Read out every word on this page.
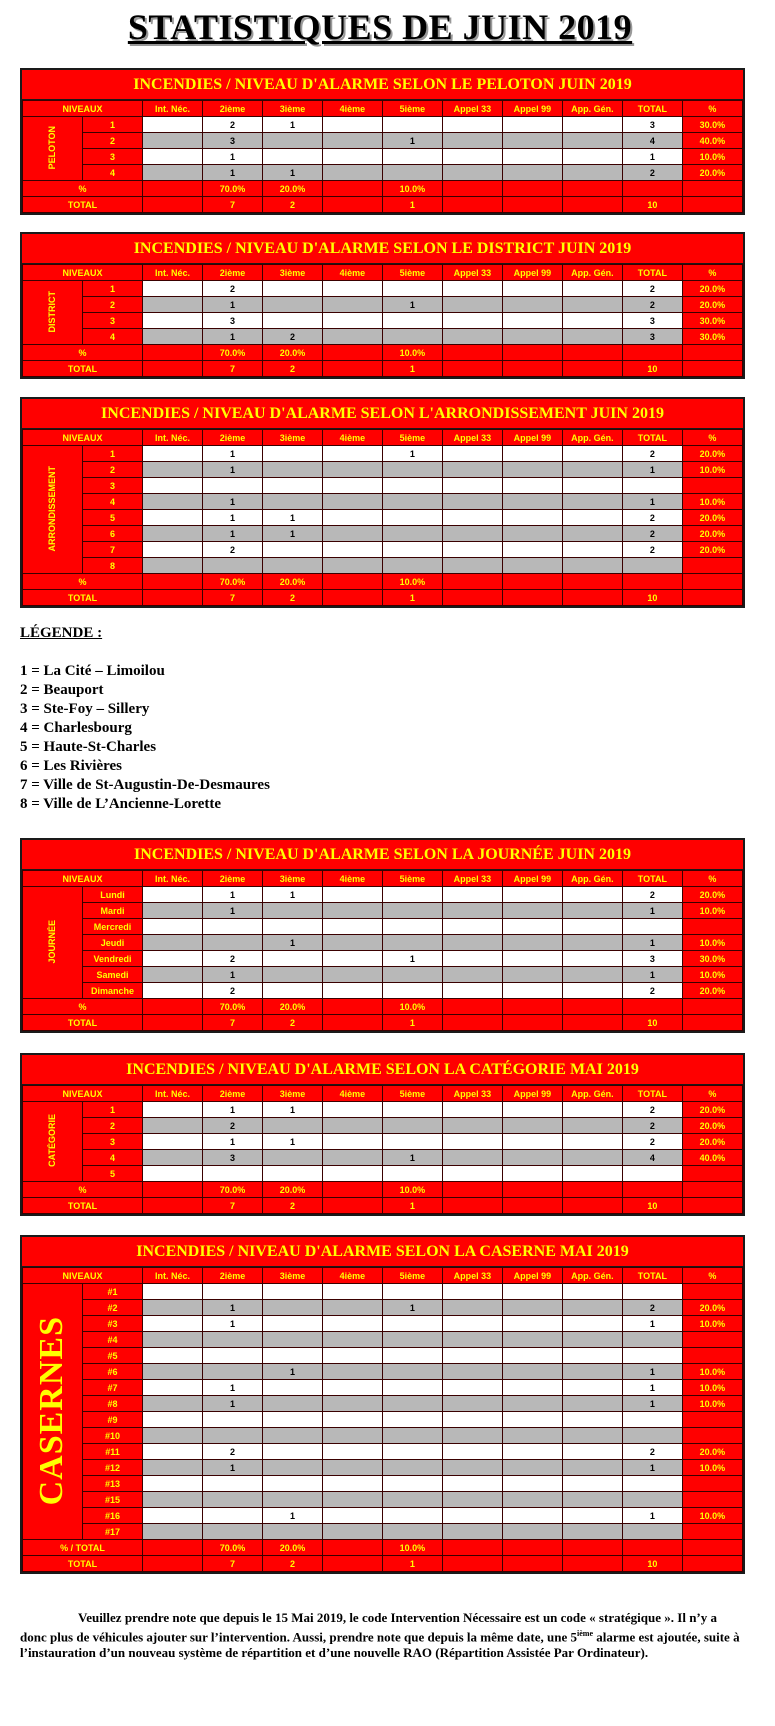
STATISTIQUES DE JUIN 2019
INCENDIES / NIVEAU D'ALARME SELON LE PELOTON JUIN 2019
NIVEAUX		Int. Néc.	2ième	3ième	4ième	5ième	Appel 33	Appel 99	App. Gén.	TOTAL	%
PELOTON	1		2	1						3	30.0%
	2		3			1				4	40.0%
	3		1							1	10.0%
	4		1	1						2	20.0%
%			70.0%	20.0%		10.0%					
TOTAL			7	2		1				10	
INCENDIES / NIVEAU D'ALARME SELON LE DISTRICT JUIN 2019
NIVEAUX		Int. Néc.	2ième	3ième	4ième	5ième	Appel 33	Appel 99	App. Gén.	TOTAL	%
DISTRICT	1		2							2	20.0%
	2		1			1				2	20.0%
	3		3							3	30.0%
	4		1	2						3	30.0%
%			70.0%	20.0%		10.0%					
TOTAL			7	2		1				10	
INCENDIES / NIVEAU D'ALARME SELON L'ARRONDISSEMENT JUIN 2019
NIVEAUX		Int. Néc.	2ième	3ième	4ième	5ième	Appel 33	Appel 99	App. Gén.	TOTAL	%
ARRONDISSEMENT	1		1			1				2	20.0%
	2		1							1	10.0%
	3										
	4		1							1	10.0%
	5		1	1						2	20.0%
	6		1	1						2	20.0%
	7		2							2	20.0%
	8										
%			70.0%	20.0%		10.0%					
TOTAL			7	2		1				10	
LÉGENDE :
1 = La Cité – Limoilou
2 = Beauport
3 = Ste-Foy – Sillery
4 = Charlesbourg
5 = Haute-St-Charles
6 = Les Rivières
7 = Ville de St-Augustin-De-Desmaures
8 = Ville de L’Ancienne-Lorette
INCENDIES / NIVEAU D'ALARME SELON LA JOURNÉE JUIN 2019
NIVEAUX		Int. Néc.	2ième	3ième	4ième	5ième	Appel 33	Appel 99	App. Gén.	TOTAL	%
JOURNÉE	Lundi		1	1						2	20.0%
	Mardi		1							1	10.0%
	Mercredi										
	Jeudi			1						1	10.0%
	Vendredi		2			1				3	30.0%
	Samedi		1							1	10.0%
	Dimanche		2							2	20.0%
%			70.0%	20.0%		10.0%					
TOTAL			7	2		1				10	
INCENDIES / NIVEAU D'ALARME SELON LA CATÉGORIE MAI 2019
NIVEAUX		Int. Néc.	2ième	3ième	4ième	5ième	Appel 33	Appel 99	App. Gén.	TOTAL	%
CATÉGORIE	1		1	1						2	20.0%
	2		2							2	20.0%
	3		1	1						2	20.0%
	4		3			1				4	40.0%
	5										
%			70.0%	20.0%		10.0%					
TOTAL			7	2		1				10	
INCENDIES / NIVEAU D'ALARME SELON LA CASERNE MAI 2019
NIVEAUX		Int. Néc.	2ième	3ième	4ième	5ième	Appel 33	Appel 99	App. Gén.	TOTAL	%
CASERNES	#1										
	#2		1			1				2	20.0%
	#3		1							1	10.0%
	#4										
	#5										
	#6			1						1	10.0%
	#7		1							1	10.0%
	#8		1							1	10.0%
	#9										
	#10										
	#11		2							2	20.0%
	#12		1							1	10.0%
	#13										
	#15										
	#16			1						1	10.0%
	#17										
% / TOTAL			70.0%	20.0%		10.0%					
TOTAL			7	2		1				10	
Veuillez prendre note que depuis le 15 Mai 2019, le code Intervention Nécessaire est un code « stratégique ». Il n’y a donc plus de véhicules ajouter sur l’intervention. Aussi, prendre note que depuis la même date, une 5ième alarme est ajoutée, suite à l’instauration d’un nouveau système de répartition et d’une nouvelle RAO (Répartition Assistée Par Ordinateur).
